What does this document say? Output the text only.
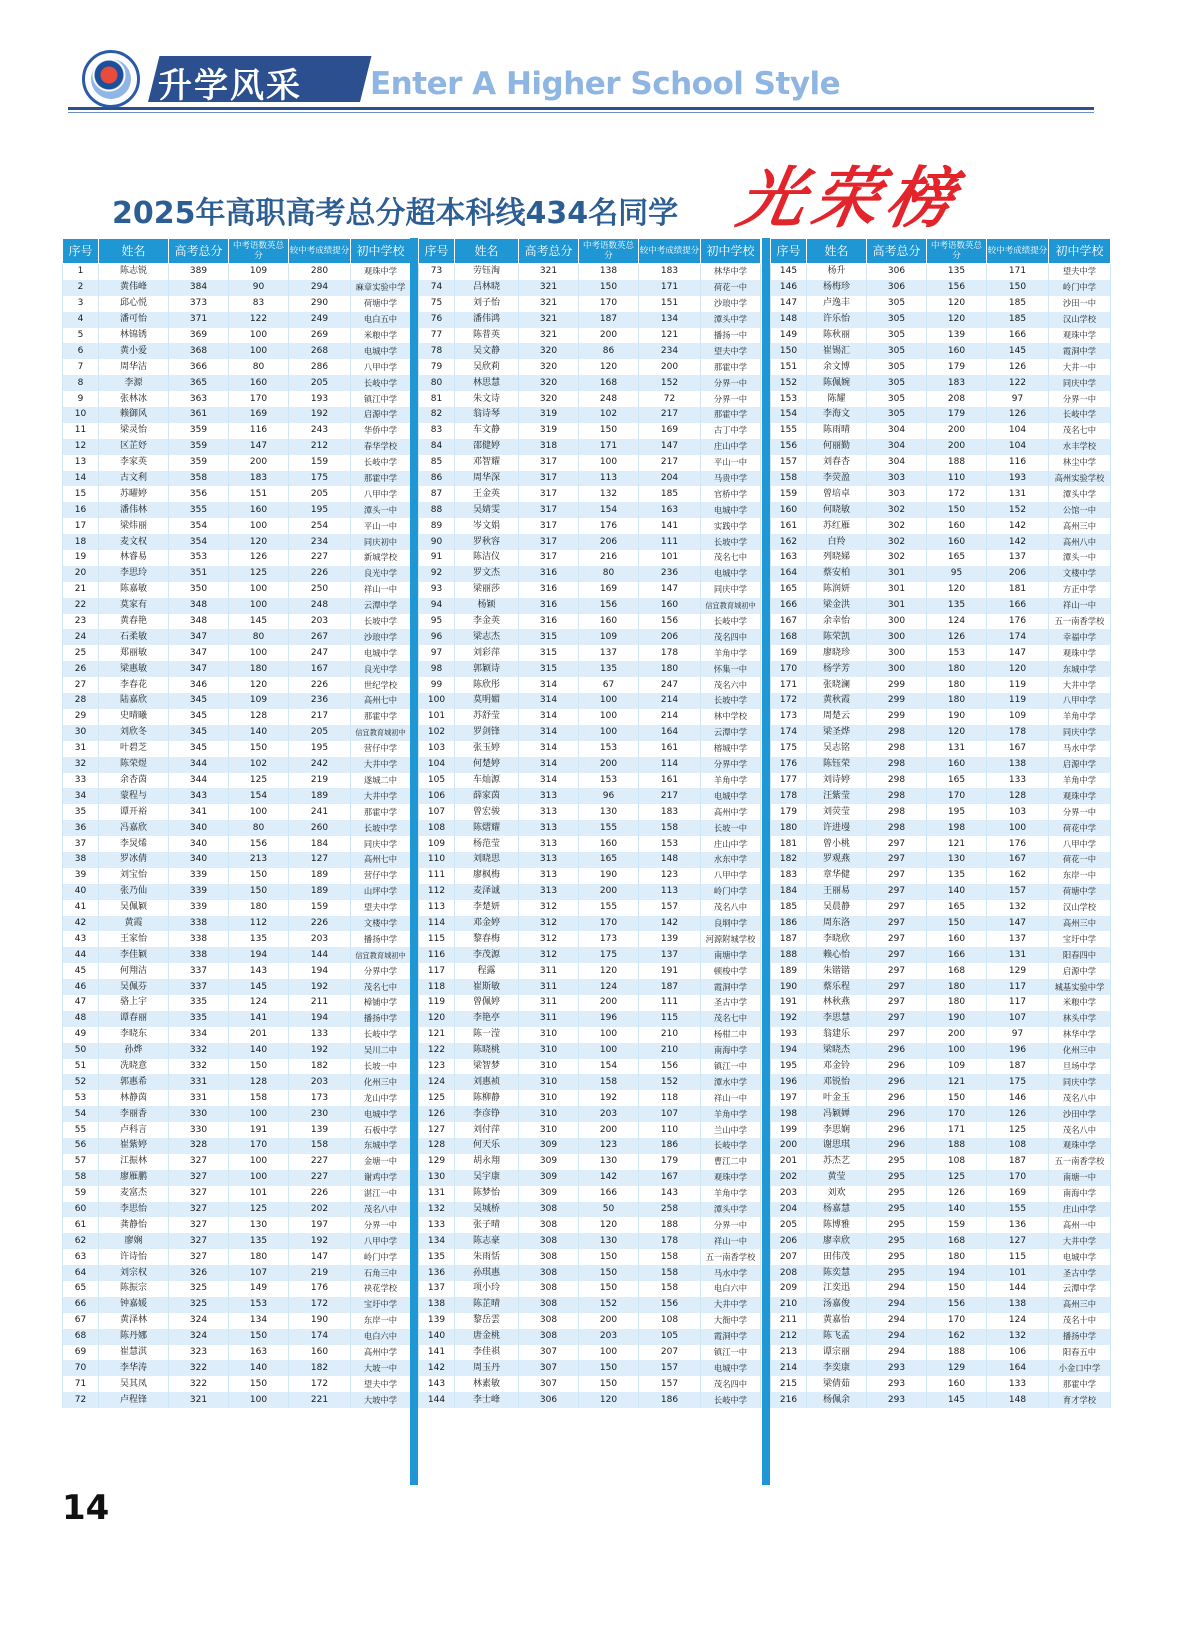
升学风采 Enter A Higher School Style
2025年高职高考总分超本科线434名同学 光荣榜
序号	姓名	高考总分	中考语数英总分	较中考成绩提分	初中学校
1	陈志锐	389	109	280	观珠中学
2	黄伟峰	384	90	294	麻章实验中学
3	邱心悦	373	83	290	荷塘中学
4	潘可怡	371	122	249	电白五中
5	林锦锈	369	100	269	米粮中学
6	黄小爱	368	100	268	电城中学
7	周华洁	366	80	286	八甲中学
8	李源	365	160	205	长岐中学
9	张林冰	363	170	193	镇江中学
10	赖御风	361	169	192	启源中学
11	梁灵怡	359	116	243	华侨中学
12	区芷妤	359	147	212	春华学校
13	李家英	359	200	159	长岐中学
14	古文利	358	183	175	那霍中学
15	苏曜婷	356	151	205	八甲中学
16	潘伟林	355	160	195	潭头一中
17	梁炜丽	354	100	254	平山一中
18	麦文权	354	120	234	同庆初中
19	林睿易	353	126	227	新城学校
20	李思玲	351	125	226	良光中学
21	陈嘉敏	350	100	250	祥山一中
22	莫家有	348	100	248	云潭中学
23	黄春艳	348	145	203	长坡中学
24	石柔敏	347	80	267	沙琅中学
25	郑丽敏	347	100	247	电城中学
26	梁惠敏	347	180	167	良光中学
27	李春花	346	120	226	世纪学校
28	陆嘉欣	345	109	236	高州七中
29	史晴曦	345	128	217	那霍中学
30	刘欣冬	345	140	205	信宜教育城初中
31	叶碧芝	345	150	195	营仔中学
32	陈荣煜	344	102	242	大井中学
33	余杏茵	344	125	219	遂城二中
34	蒙程与	343	154	189	大井中学
35	谭开裕	341	100	241	那霍中学
36	冯嘉欣	340	80	260	长坡中学
37	李炅烯	340	156	184	同庆中学
38	罗冰倩	340	213	127	高州七中
39	刘宝怡	339	150	189	营仔中学
40	张乃仙	339	150	189	山坪中学
41	吴佩颖	339	180	159	望夫中学
42	黄霞	338	112	226	文楼中学
43	王家怡	338	135	203	播扬中学
44	李佳颖	338	194	144	信宜教育城初中
45	何翔洁	337	143	194	分界中学
46	吴佩芬	337	145	192	茂名七中
47	骆上宇	335	124	211	樟铺中学
48	谭春丽	335	141	194	播扬中学
49	李晓东	334	201	133	长岐中学
50	孙烨	332	140	192	吴川二中
51	冼晓意	332	150	182	长坡一中
52	郭惠希	331	128	203	化州三中
53	林静茵	331	158	173	龙山中学
54	李丽香	330	100	230	电城中学
55	卢科言	330	191	139	石板中学
56	崔紫婷	328	170	158	东城中学
57	江振林	327	100	227	金塘一中
58	廖雁鹏	327	100	227	谢鸡中学
59	麦富杰	327	101	226	湛江一中
60	李思怡	327	125	202	茂名八中
61	龚静怡	327	130	197	分界一中
62	廖娴	327	135	192	八甲中学
63	许诗怡	327	180	147	岭门中学
64	刘宗权	326	107	219	石角三中
65	陈振宗	325	149	176	袂花学校
66	钟嘉媛	325	153	172	宝圩中学
67	黄泽林	324	134	190	东岸一中
68	陈丹娜	324	150	174	电白六中
69	崔慧淇	323	163	160	高州中学
70	李华涛	322	140	182	大坡一中
71	吴其凤	322	150	172	望夫中学
72	卢程锋	321	100	221	大坡中学
序号	姓名	高考总分	中考语数英总分	较中考成绩提分	初中学校
73	劳钰淘	321	138	183	林华中学
74	吕林晓	321	150	171	荷花一中
75	刘子怡	321	170	151	沙琅中学
76	潘伟鸿	321	187	134	潭头中学
77	陈普英	321	200	121	播扬一中
78	吴文静	320	86	234	望夫中学
79	吴欣莉	320	120	200	那霍中学
80	林思慧	320	168	152	分界一中
81	朱文诗	320	248	72	分界一中
82	翁诗琴	319	102	217	那霍中学
83	车文静	319	150	169	古丁中学
84	邵健婷	318	171	147	庄山中学
85	邓智耀	317	100	217	平山一中
86	周华深	317	113	204	马贵中学
87	王金英	317	132	185	官桥中学
88	吴婧雯	317	154	163	电城中学
89	岑文娟	317	176	141	实践中学
90	罗秋容	317	206	111	长坡中学
91	陈洁仪	317	216	101	茂名七中
92	罗文杰	316	80	236	电城中学
93	梁丽莎	316	169	147	同庆中学
94	杨颖	316	156	160	信宜教育城初中
95	李金英	316	160	156	长岐中学
96	梁志杰	315	109	206	茂名四中
97	刘彩萍	315	137	178	羊角中学
98	郭颖诗	315	135	180	怀集一中
99	陈欣彤	314	67	247	茂名六中
100	莫明媚	314	100	214	长坡中学
101	苏舒莹	314	100	214	林中学校
102	罗剑锋	314	100	164	云潭中学
103	张玉婷	314	153	161	榕城中学
104	何楚婷	314	200	114	分界中学
105	车灿源	314	153	161	羊角中学
106	薛家茵	313	96	217	电城中学
107	曾宏骏	313	130	183	高州中学
108	陈熠耀	313	155	158	长坡一中
109	杨范莹	313	160	153	庄山中学
110	刘晓思	313	165	148	水东中学
111	廖枫梅	313	190	123	八甲中学
112	麦泽诚	313	200	113	岭门中学
113	李楚妍	312	155	157	茂名八中
114	邓金婷	312	170	142	良垌中学
115	黎春梅	312	173	139	河源附城学校
116	李茂源	312	175	137	南塘中学
117	程露	311	120	191	顿梭中学
118	崔斯敏	311	124	187	霞洞中学
119	曾佩婷	311	200	111	圣古中学
120	李艳亭	311	196	115	茂名七中
121	陈一滢	310	100	210	杨柑二中
122	陈晓桃	310	100	210	南海中学
123	梁智梦	310	154	156	镇江一中
124	刘惠祯	310	158	152	潭水中学
125	陈柳静	310	192	118	祥山一中
126	李彦铮	310	203	107	羊角中学
127	刘付萍	310	200	110	兰山中学
128	何天乐	309	123	186	长岐中学
129	胡永翔	309	130	179	曹江二中
130	吴宇康	309	142	167	观珠中学
131	陈梦怡	309	166	143	羊角中学
132	吴城桥	308	50	258	潭头中学
133	张子晴	308	120	188	分界一中
134	陈志豪	308	130	178	祥山一中
135	朱雨恬	308	150	158	五一南香学校
136	孙琪惠	308	150	158	马水中学
137	项小玲	308	150	158	电白六中
138	陈芷晴	308	152	156	大井中学
139	黎岳雲	308	200	108	大衙中学
140	唐金桃	308	203	105	霞洞中学
141	李佳祺	307	100	207	镇江一中
142	周玉丹	307	150	157	电城中学
143	林素敏	307	150	157	茂名四中
144	李士峰	306	120	186	长岐中学
序号	姓名	高考总分	中考语数英总分	较中考成绩提分	初中学校
145	杨升	306	135	171	望夫中学
146	杨梅珍	306	156	150	岭门中学
147	卢逸丰	305	120	185	沙田一中
148	许乐怡	305	120	185	汉山学校
149	陈秋丽	305	139	166	观珠中学
150	崔锡汇	305	160	145	霞洞中学
151	余文博	305	179	126	大井一中
152	陈佩婉	305	183	122	同庆中学
153	陈耀	305	208	97	分界一中
154	李海文	305	179	126	长岐中学
155	陈雨晴	304	200	104	茂名七中
156	何丽勤	304	200	104	水丰学校
157	刘春杏	304	188	116	林尘中学
158	李荧盈	303	110	193	高州实验学校
159	曾培卓	303	172	131	潭头中学
160	何晓敏	302	150	152	公馆一中
161	苏红雁	302	160	142	高州三中
162	白羚	302	160	142	高州八中
163	列晓娣	302	165	137	潭头一中
164	蔡安柏	301	95	206	文楼中学
165	陈润妍	301	120	181	方正中学
166	梁金洪	301	135	166	祥山一中
167	余幸怡	300	124	176	五一南香学校
168	陈荣凯	300	126	174	幸福中学
169	廖晓珍	300	153	147	观珠中学
170	杨学芳	300	180	120	东城中学
171	张晓澜	299	180	119	大井中学
172	黄秋霞	299	180	119	八甲中学
173	周楚云	299	190	109	羊角中学
174	梁圣烨	298	120	178	同庆中学
175	吴志铭	298	131	167	马水中学
176	陈钰荣	298	160	138	启源中学
177	刘诗婷	298	165	133	羊角中学
178	汪紫莹	298	170	128	观珠中学
179	刘荧莹	298	195	103	分界一中
180	许进墁	298	198	100	荷花中学
181	曾小桃	297	121	176	八甲中学
182	罗观燕	297	130	167	荷花一中
183	章华健	297	135	162	东岸一中
184	王丽易	297	140	157	荷塘中学
185	吴晨静	297	165	132	汉山学校
186	周东洛	297	150	147	高州三中
187	李晓欣	297	160	137	宝圩中学
188	赖心怡	297	166	131	阳春四中
189	朱锴锴	297	168	129	启源中学
190	蔡乐程	297	180	117	城基实验中学
191	林秋燕	297	180	117	米粮中学
192	李思慧	297	190	107	林头中学
193	翁建乐	297	200	97	林华中学
194	梁晓杰	296	100	196	化州三中
195	邓金铃	296	109	187	旦场中学
196	邓锐怡	296	121	175	同庆中学
197	叶金玉	296	150	146	茂名八中
198	冯颖婵	296	170	126	沙田中学
199	李思娴	296	171	125	茂名八中
200	谢思琪	296	188	108	观珠中学
201	苏杰艺	295	108	187	五一南香学校
202	黄莹	295	125	170	南塘一中
203	刘欢	295	126	169	南海中学
204	杨嘉慧	295	140	155	庄山中学
205	陈博雅	295	159	136	高州一中
206	廖幸欣	295	168	127	大井中学
207	田伟茂	295	180	115	电城中学
208	陈奕慧	295	194	101	圣古中学
209	江奕迅	294	150	144	云潭中学
210	汤嘉俊	294	156	138	高州三中
211	黄嘉怡	294	170	124	茂名十中
212	陈飞孟	294	162	132	播扬中学
213	谭宗丽	294	188	106	阳春五中
214	李奕康	293	129	164	小金口中学
215	梁倩茹	293	160	133	那霍中学
216	杨佩余	293	145	148	育才学校
14
